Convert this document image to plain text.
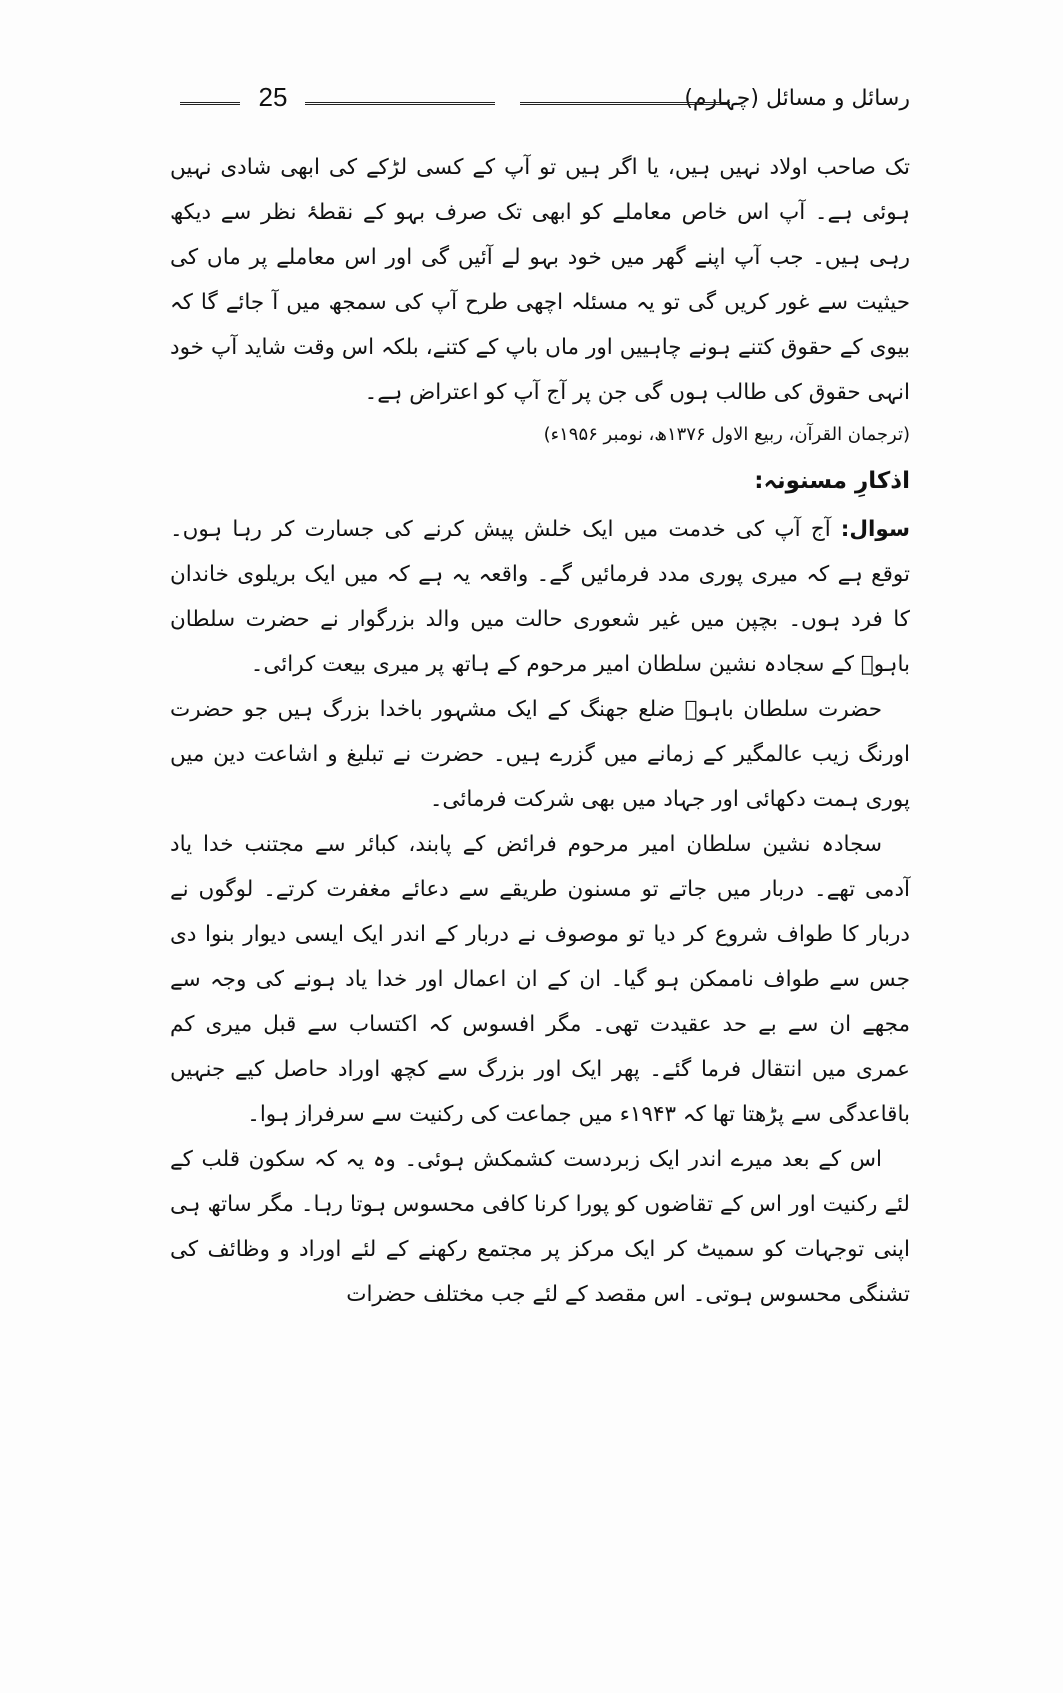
رسائل و مسائل (چہارم)
25

تک صاحب اولاد نہیں ہیں، یا اگر ہیں تو آپ کے کسی لڑکے کی ابھی شادی نہیں ہوئی ہے۔ آپ اس خاص معاملے کو ابھی تک صرف بہو کے نقطۂ نظر سے دیکھ رہی ہیں۔ جب آپ اپنے گھر میں خود بہو لے آئیں گی اور اس معاملے پر ماں کی حیثیت سے غور کریں گی تو یہ مسئلہ اچھی طرح آپ کی سمجھ میں آ جائے گا کہ بیوی کے حقوق کتنے ہونے چاہییں اور ماں باپ کے کتنے، بلکہ اس وقت شاید آپ خود انہی حقوق کی طالب ہوں گی جن پر آج آپ کو اعتراض ہے۔

(ترجمان القرآن، ربیع الاول ۱۳۷۶ھ، نومبر ۱۹۵۶ء)

اذکارِ مسنونہ:

سوال:آج آپ کی خدمت میں ایک خلش پیش کرنے کی جسارت کر رہا ہوں۔ توقع ہے کہ میری پوری مدد فرمائیں گے۔ واقعہ یہ ہے کہ میں ایک بریلوی خاندان کا فرد ہوں۔ بچپن میں غیر شعوری حالت میں والد بزرگوار نے حضرت سلطان باہوؒ کے سجادہ نشین سلطان امیر مرحوم کے ہاتھ پر میری بیعت کرائی۔

حضرت سلطان باہوؒ ضلع جھنگ کے ایک مشہور باخدا بزرگ ہیں جو حضرت اورنگ زیب عالمگیر کے زمانے میں گزرے ہیں۔ حضرت نے تبلیغ و اشاعت دین میں پوری ہمت دکھائی اور جہاد میں بھی شرکت فرمائی۔

سجادہ نشین سلطان امیر مرحوم فرائض کے پابند، کبائر سے مجتنب خدا یاد آدمی تھے۔ دربار میں جاتے تو مسنون طریقے سے دعائے مغفرت کرتے۔ لوگوں نے دربار کا طواف شروع کر دیا تو موصوف نے دربار کے اندر ایک ایسی دیوار بنوا دی جس سے طواف ناممکن ہو گیا۔ ان کے ان اعمال اور خدا یاد ہونے کی وجہ سے مجھے ان سے بے حد عقیدت تھی۔ مگر افسوس کہ اکتساب سے قبل میری کم عمری میں انتقال فرما گئے۔ پھر ایک اور بزرگ سے کچھ اوراد حاصل کیے جنہیں باقاعدگی سے پڑھتا تھا کہ ۱۹۴۳ء میں جماعت کی رکنیت سے سرفراز ہوا۔

اس کے بعد میرے اندر ایک زبردست کشمکش ہوئی۔ وہ یہ کہ سکون قلب کے لئے رکنیت اور اس کے تقاضوں کو پورا کرنا کافی محسوس ہوتا رہا۔ مگر ساتھ ہی اپنی توجہات کو سمیٹ کر ایک مرکز پر مجتمع رکھنے کے لئے اوراد و وظائف کی تشنگی محسوس ہوتی۔ اس مقصد کے لئے جب مختلف حضرات
